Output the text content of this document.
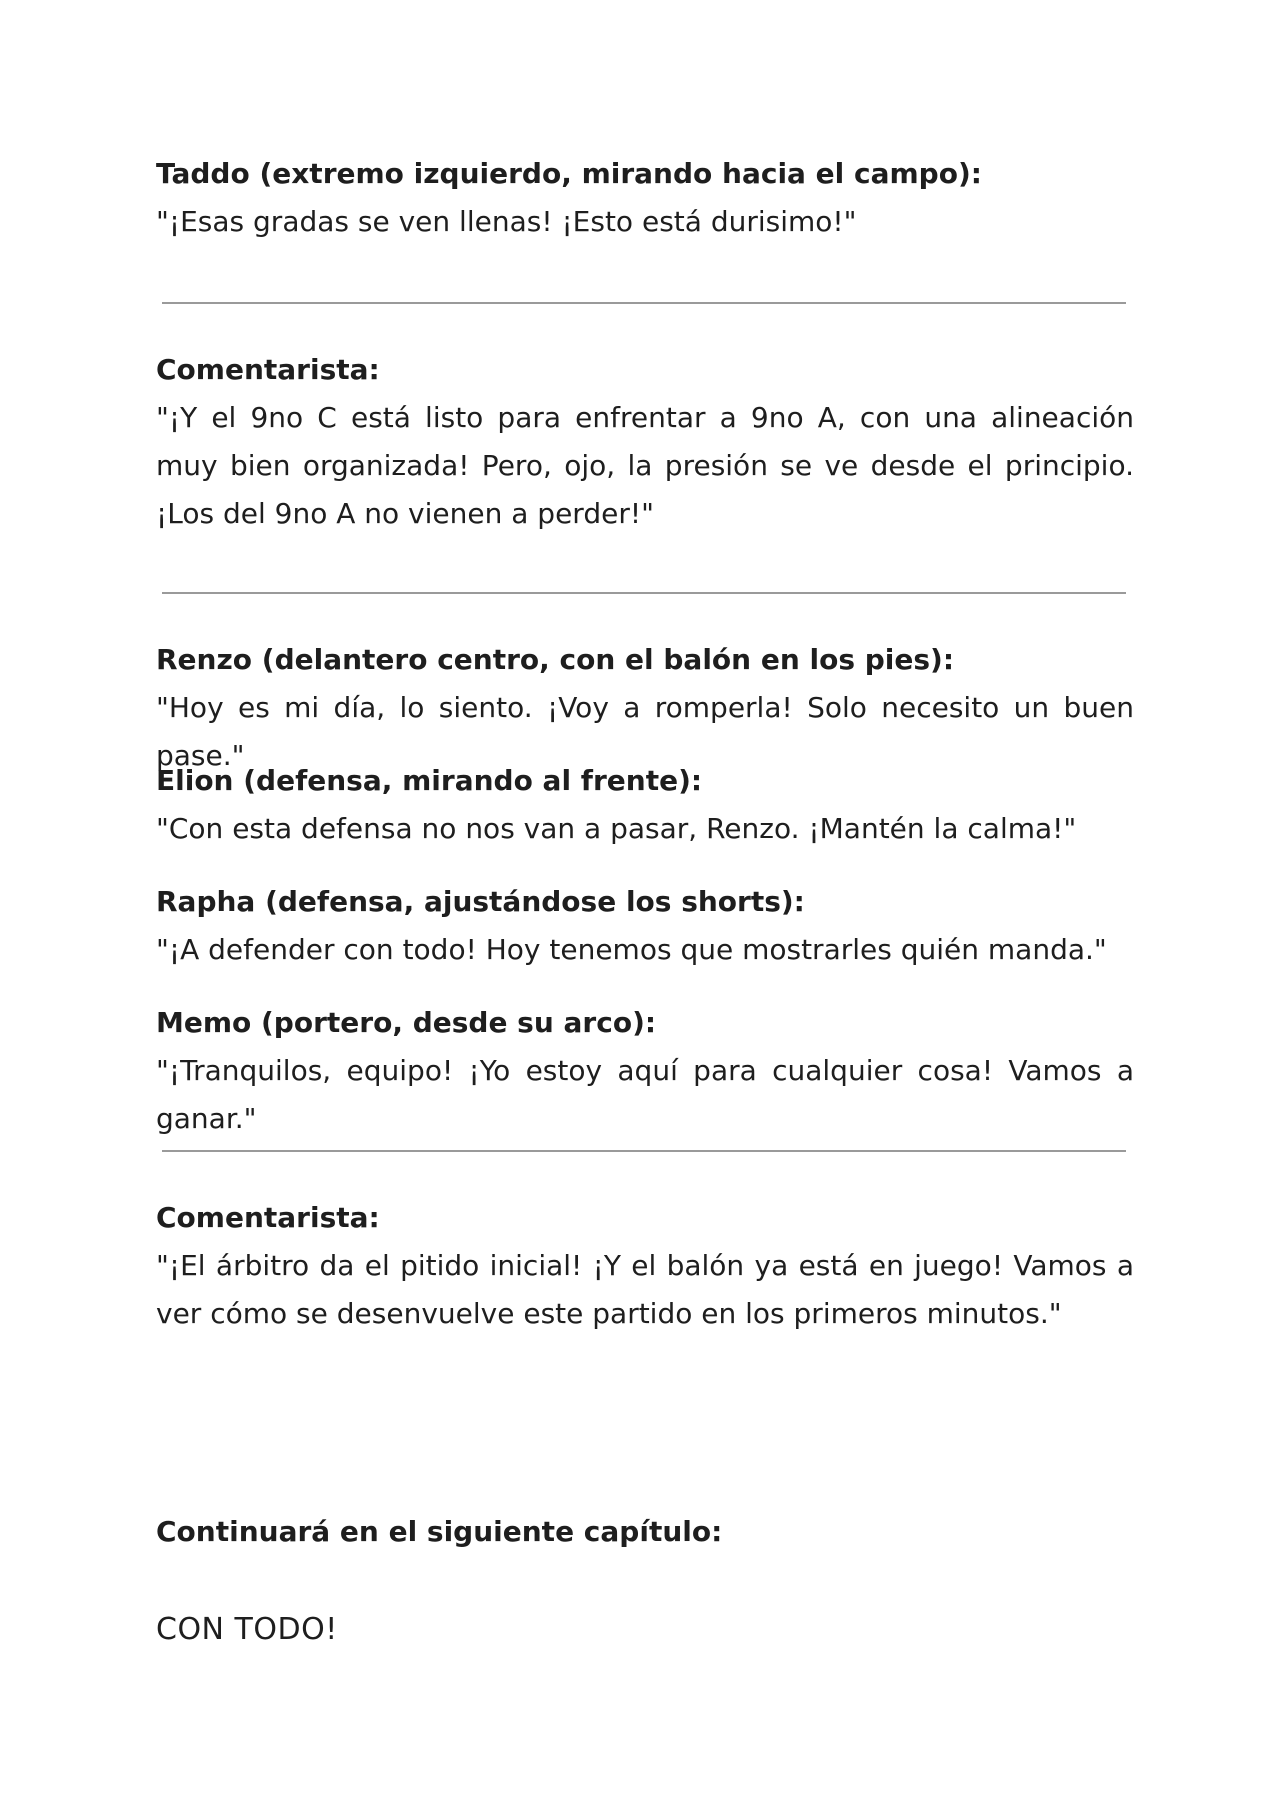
Taddo (extremo izquierdo, mirando hacia el campo):

"¡Esas gradas se ven llenas! ¡Esto está durisimo!"

Comentarista:

"¡Y el 9no C está listo para enfrentar a 9no A, con una alineación muy bien organizada! Pero, ojo, la presión se ve desde el principio. ¡Los del 9no A no vienen a perder!"

Renzo (delantero centro, con el balón en los pies):

"Hoy es mi día, lo siento. ¡Voy a romperla! Solo necesito un buen pase."

Elion (defensa, mirando al frente):

"Con esta defensa no nos van a pasar, Renzo. ¡Mantén la calma!"

Rapha (defensa, ajustándose los shorts):

"¡A defender con todo! Hoy tenemos que mostrarles quién manda."

Memo (portero, desde su arco):

"¡Tranquilos, equipo! ¡Yo estoy aquí para cualquier cosa! Vamos a ganar."

Comentarista:

"¡El árbitro da el pitido inicial! ¡Y el balón ya está en juego! Vamos a ver cómo se desenvuelve este partido en los primeros minutos."

Continuará en el siguiente capítulo:

CON TODO!
